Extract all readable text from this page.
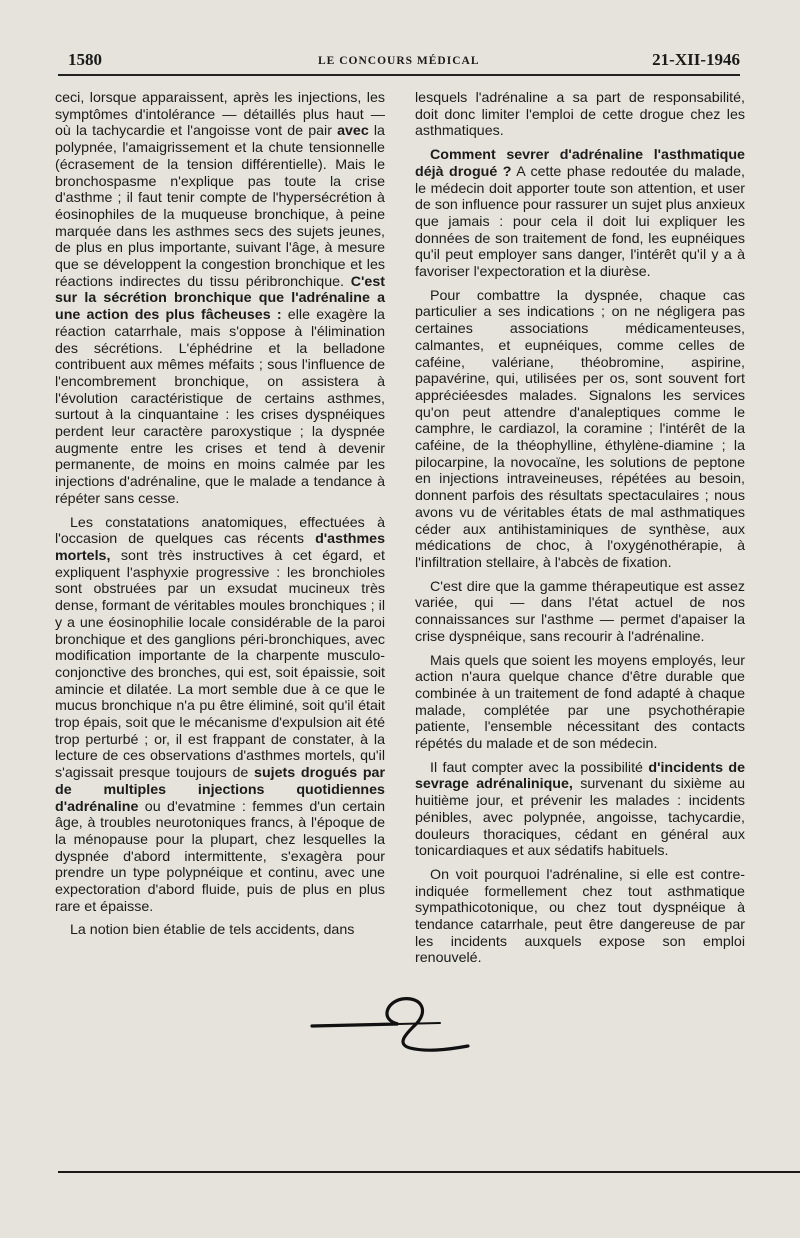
1580	LE CONCOURS MÉDICAL	21-XII-1946

ceci, lorsque apparaissent, après les injections, les symptômes d'intolérance — détaillés plus haut — où la tachycardie et l'angoisse vont de pair avec la polypnée, l'amaigrissement et la chute tensionnelle (écrasement de la tension différentielle). Mais le bronchospasme n'explique pas toute la crise d'asthme ; il faut tenir compte de l'hypersécrétion à éosinophiles de la muqueuse bronchique, à peine marquée dans les asthmes secs des sujets jeunes, de plus en plus importante, suivant l'âge, à mesure que se développent la congestion bronchique et les réactions indirectes du tissu péribronchique. C'est sur la sécrétion bronchique que l'adrénaline a une action des plus fâcheuses : elle exagère la réaction catarrhale, mais s'oppose à l'élimination des sécrétions. L'éphédrine et la belladone contribuent aux mêmes méfaits ; sous l'influence de l'encombrement bronchique, on assistera à l'évolution caractéristique de certains asthmes, surtout à la cinquantaine : les crises dyspnéiques perdent leur caractère paroxystique ; la dyspnée augmente entre les crises et tend à devenir permanente, de moins en moins calmée par les injections d'adrénaline, que le malade a tendance à répéter sans cesse.

Les constatations anatomiques, effectuées à l'occasion de quelques cas récents d'asthmes mortels, sont très instructives à cet égard, et expliquent l'asphyxie progressive : les bronchioles sont obstruées par un exsudat mucineux très dense, formant de véritables moules bronchiques ; il y a une éosinophilie locale considérable de la paroi bronchique et des ganglions péri-bronchiques, avec modification importante de la charpente musculo-conjonctive des bronches, qui est, soit épaissie, soit amincie et dilatée. La mort semble due à ce que le mucus bronchique n'a pu être éliminé, soit qu'il était trop épais, soit que le mécanisme d'expulsion ait été trop perturbé ; or, il est frappant de constater, à la lecture de ces observations d'asthmes mortels, qu'il s'agissait presque toujours de sujets drogués par de multiples injections quotidiennes d'adrénaline ou d'evatmine : femmes d'un certain âge, à troubles neurotoniques francs, à l'époque de la ménopause pour la plupart, chez lesquelles la dyspnée d'abord intermittente, s'exagèra pour prendre un type polypnéique et continu, avec une expectoration d'abord fluide, puis de plus en plus rare et épaisse.

La notion bien établie de tels accidents, dans

lesquels l'adrénaline a sa part de responsabilité, doit donc limiter l'emploi de cette drogue chez les asthmatiques.

Comment sevrer d'adrénaline l'asthmatique déjà drogué ? A cette phase redoutée du malade, le médecin doit apporter toute son attention, et user de son influence pour rassurer un sujet plus anxieux que jamais : pour cela il doit lui expliquer les données de son traitement de fond, les eupnéiques qu'il peut employer sans danger, l'intérêt qu'il y a à favoriser l'expectoration et la diurèse.

Pour combattre la dyspnée, chaque cas particulier a ses indications ; on ne négligera pas certaines associations médicamenteuses, calmantes, et eupnéiques, comme celles de caféine, valériane, théobromine, aspirine, papavérine, qui, utilisées per os, sont souvent fort appréciéesdes malades. Signalons les services qu'on peut attendre d'analeptiques comme le camphre, le cardiazol, la coramine ; l'intérêt de la caféine, de la théophylline, éthylène-diamine ; la pilocarpine, la novocaïne, les solutions de peptone en injections intraveineuses, répétées au besoin, donnent parfois des résultats spectaculaires ; nous avons vu de véritables états de mal asthmatiques céder aux antihistaminiques de synthèse, aux médications de choc, à l'oxygénothérapie, à l'infiltration stellaire, à l'abcès de fixation.

C'est dire que la gamme thérapeutique est assez variée, qui — dans l'état actuel de nos connaissances sur l'asthme — permet d'apaiser la crise dyspnéique, sans recourir à l'adrénaline.

Mais quels que soient les moyens employés, leur action n'aura quelque chance d'être durable que combinée à un traitement de fond adapté à chaque malade, complétée par une psychothérapie patiente, l'ensemble nécessitant des contacts répétés du malade et de son médecin.

Il faut compter avec la possibilité d'incidents de sevrage adrénalinique, survenant du sixième au huitième jour, et prévenir les malades : incidents pénibles, avec polypnée, angoisse, tachycardie, douleurs thoraciques, cédant en général aux tonicardiaques et aux sédatifs habituels.

On voit pourquoi l'adrénaline, si elle est contre-indiquée formellement chez tout asthmatique sympathicotonique, ou chez tout dyspnéique à tendance catarrhale, peut être dangereuse de par les incidents auxquels expose son emploi renouvelé.
